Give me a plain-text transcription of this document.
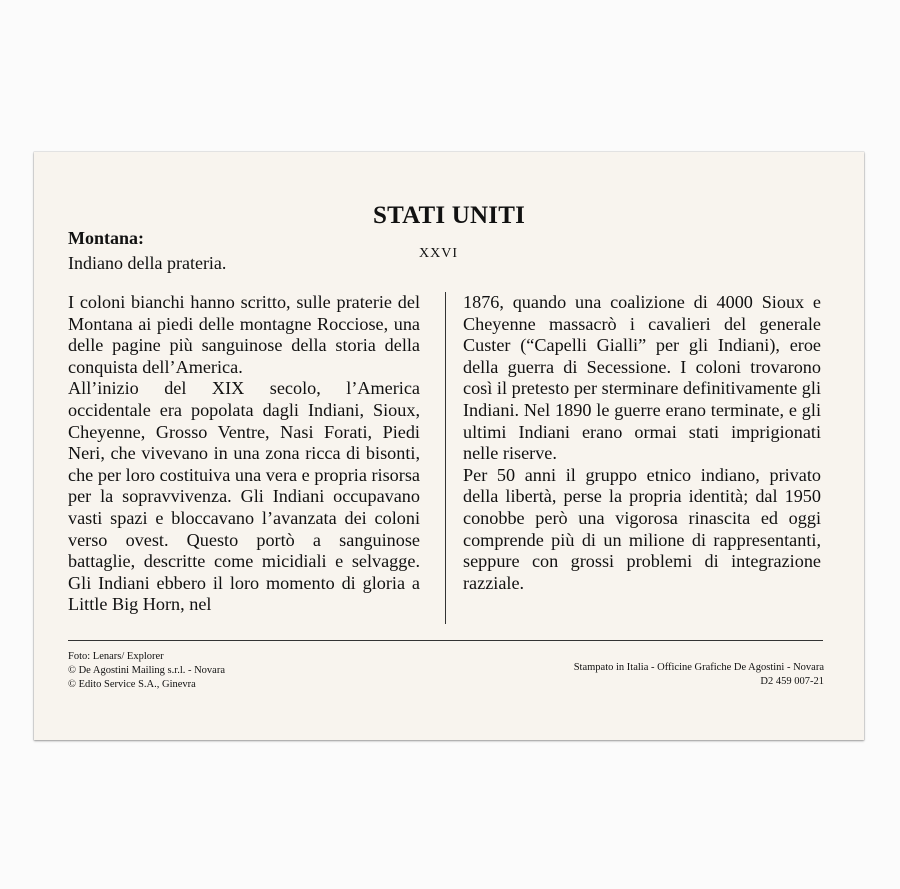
STATI UNITI
XXVI
Montana:
Indiano della prateria.

I coloni bianchi hanno scritto, sulle praterie del Montana ai piedi delle montagne Rocciose, una delle pagine più sanguinose della storia della conquista dell’America.

All’inizio del XIX secolo, l’America occidentale era popolata dagli Indiani, Sioux, Cheyenne, Grosso Ventre, Nasi Forati, Piedi Neri, che vivevano in una zona ricca di bisonti, che per loro costituiva una vera e propria risorsa per la sopravvivenza. Gli Indiani occupavano vasti spazi e bloccavano l’avanzata dei coloni verso ovest. Questo portò a sanguinose battaglie, descritte come micidiali e selvagge. Gli Indiani ebbero il loro momento di gloria a Little Big Horn, nel

1876, quando una coalizione di 4000 Sioux e Cheyenne massacrò i cavalieri del generale Custer (“Capelli Gialli” per gli Indiani), eroe della guerra di Secessione. I coloni trovarono così il pretesto per sterminare definitivamente gli Indiani. Nel 1890 le guerre erano terminate, e gli ultimi Indiani erano ormai stati imprigionati nelle riserve.

Per 50 anni il gruppo etnico indiano, privato della libertà, perse la propria identità; dal 1950 conobbe però una vigorosa rinascita ed oggi comprende più di un milione di rappresentanti, seppure con grossi problemi di integrazione razziale.

Foto: Lenars/ Explorer
© De Agostini Mailing s.r.l. - Novara
© Edito Service S.A., Ginevra
Stampato in Italia - Officine Grafiche De Agostini - Novara
D2 459 007-21
